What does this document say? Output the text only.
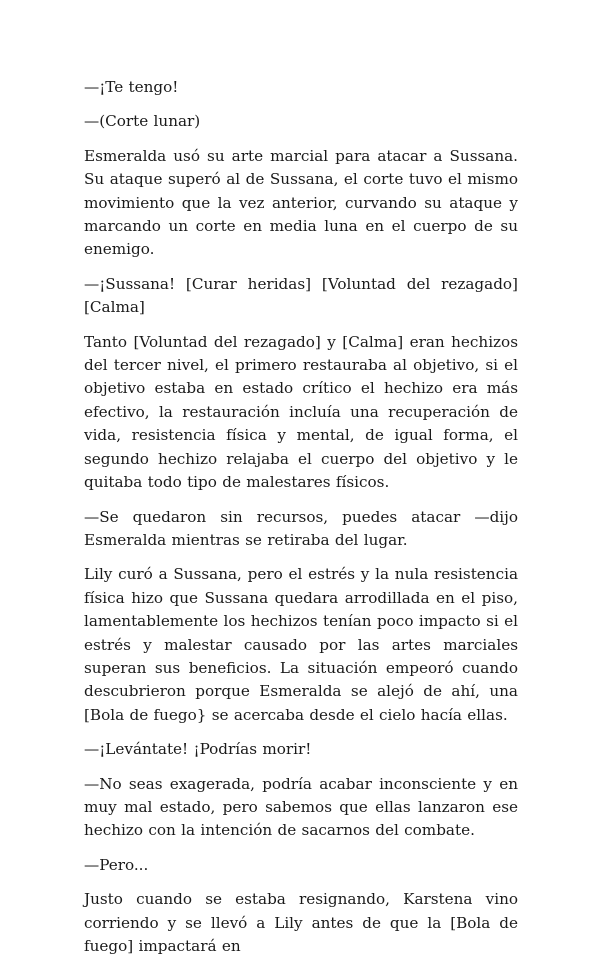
—¡Te tengo!

—(Corte lunar)

Esmeralda usó su arte marcial para atacar a Sussana. Su ataque superó al de Sussana, el corte tuvo el mismo movimiento que la vez anterior, curvando su ataque y marcando un corte en media luna en el cuerpo de su enemigo.

—¡Sussana! [Curar heridas] [Voluntad del rezagado] [Calma]

Tanto [Voluntad del rezagado] y [Calma] eran hechizos del tercer nivel, el primero restauraba al objetivo, si el objetivo estaba en estado crítico el hechizo era más efectivo, la restauración incluía una recuperación de vida, resistencia física y mental, de igual forma, el segundo hechizo relajaba el cuerpo del objetivo y le quitaba todo tipo de malestares físicos.

—Se quedaron sin recursos, puedes atacar —dijo Esmeralda mientras se retiraba del lugar.

Lily curó a Sussana, pero el estrés y la nula resistencia física hizo que Sussana quedara arrodillada en el piso, lamentablemente los hechizos tenían poco impacto si el estrés y malestar causado por las artes marciales superan sus beneficios. La situación empeoró cuando descubrieron porque Esmeralda se alejó de ahí, una [Bola de fuego} se acercaba desde el cielo hacía ellas.

—¡Levántate! ¡Podrías morir!

—No seas exagerada, podría acabar inconsciente y en muy mal estado, pero sabemos que ellas lanzaron ese hechizo con la intención de sacarnos del combate.

—Pero...

Justo cuando se estaba resignando, Karstena vino corriendo y se llevó a Lily antes de que la [Bola de fuego] impactará en
